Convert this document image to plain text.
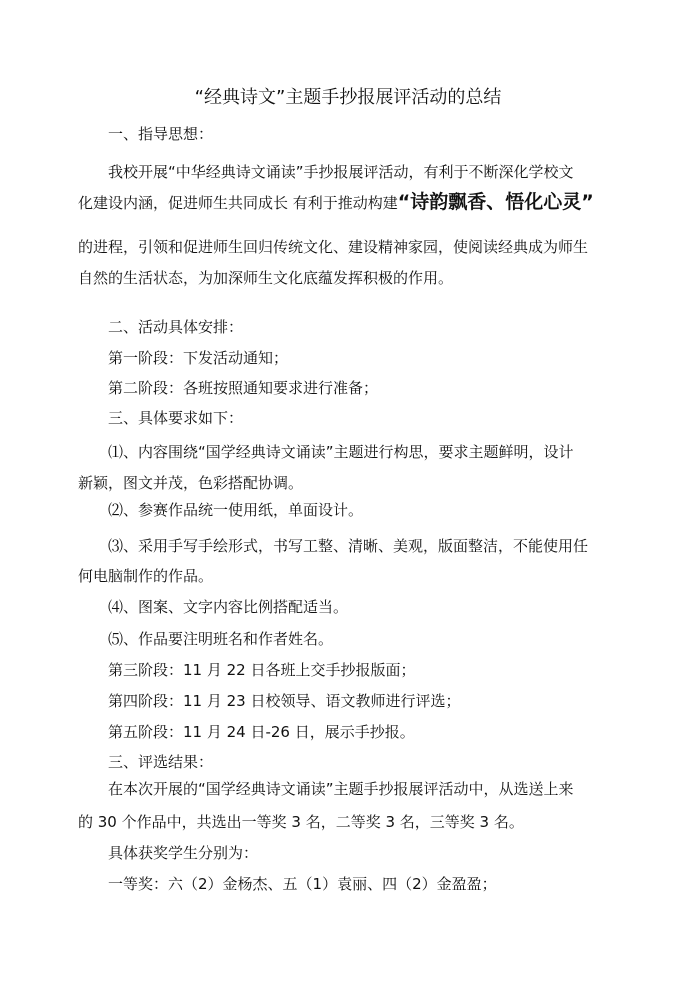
“经典诗文”主题手抄报展评活动的总结
一、指导思想：
我校开展“中华经典诗文诵读”手抄报展评活动，有利于不断深化学校文
化建设内涵，促进师生共同成长 有利于推动构建“诗韵飘香、悟化心灵”
的进程，引领和促进师生回归传统文化、建设精神家园，使阅读经典成为师生
自然的生活状态，为加深师生文化底蕴发挥积极的作用。
二、活动具体安排：
第一阶段：下发活动通知；
第二阶段：各班按照通知要求进行准备；
三、具体要求如下：
⑴、内容围绕“国学经典诗文诵读”主题进行构思，要求主题鲜明，设计
新颖，图文并茂，色彩搭配协调。
⑵、参赛作品统一使用纸，单面设计。
⑶、采用手写手绘形式，书写工整、清晰、美观，版面整洁，不能使用任
何电脑制作的作品。
⑷、图案、文字内容比例搭配适当。
⑸、作品要注明班名和作者姓名。
第三阶段：11 月 22 日各班上交手抄报版面；
第四阶段：11 月 23 日校领导、语文教师进行评选；
第五阶段：11 月 24 日-26 日，展示手抄报。
三、评选结果：
在本次开展的“国学经典诗文诵读”主题手抄报展评活动中，从选送上来
的 30 个作品中，共选出一等奖 3 名，二等奖 3 名，三等奖 3 名。
具体获奖学生分别为：
一等奖：六（2）金杨杰、五（1）袁丽、四（2）金盈盈；
